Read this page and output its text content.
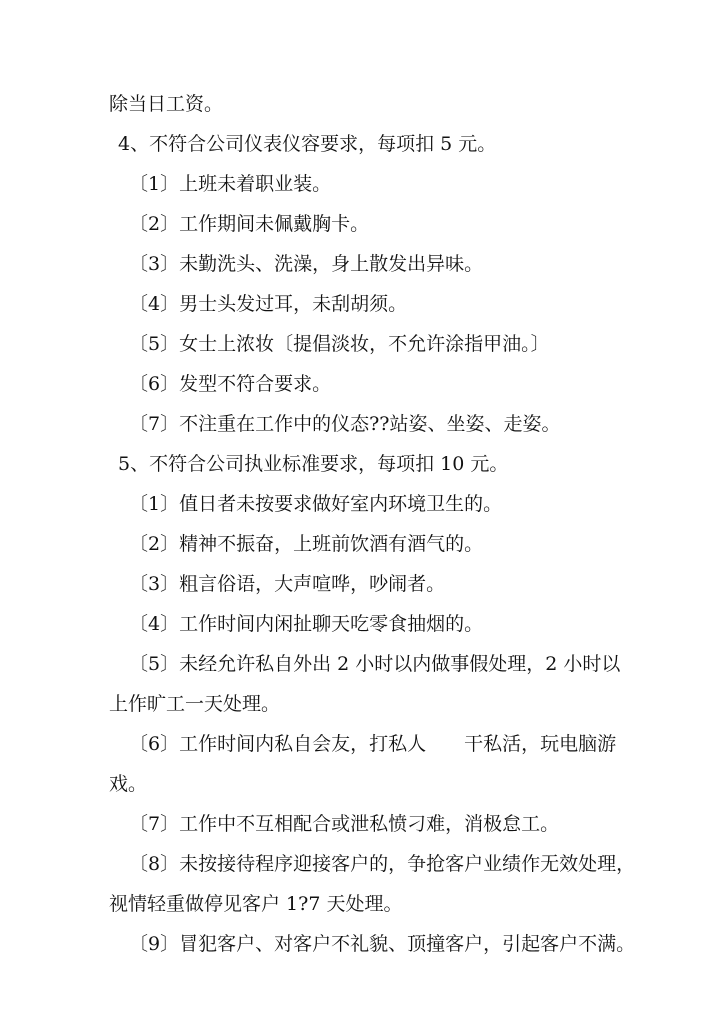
除当日工资。
4、不符合公司仪表仪容要求，每项扣 5 元。
〔1〕上班未着职业装。
〔2〕工作期间未佩戴胸卡。
〔3〕未勤洗头、洗澡，身上散发出异味。
〔4〕男士头发过耳，未刮胡须。
〔5〕女士上浓妆〔提倡淡妆，不允许涂指甲油。〕
〔6〕发型不符合要求。
〔7〕不注重在工作中的仪态??站姿、坐姿、走姿。
5、不符合公司执业标准要求，每项扣 10 元。
〔1〕值日者未按要求做好室内环境卫生的。
〔2〕精神不振奋，上班前饮酒有酒气的。
〔3〕粗言俗语，大声喧哗，吵闹者。
〔4〕工作时间内闲扯聊天吃零食抽烟的。
〔5〕未经允许私自外出 2 小时以内做事假处理，2 小时以
上作旷工一天处理。
〔6〕工作时间内私自会友，打私人　　干私活，玩电脑游
戏。
〔7〕工作中不互相配合或泄私愤刁难，消极怠工。
〔8〕未按接待程序迎接客户的，争抢客户业绩作无效处理，
视情轻重做停见客户 1?7 天处理。
〔9〕冒犯客户、对客户不礼貌、顶撞客户，引起客户不满。
